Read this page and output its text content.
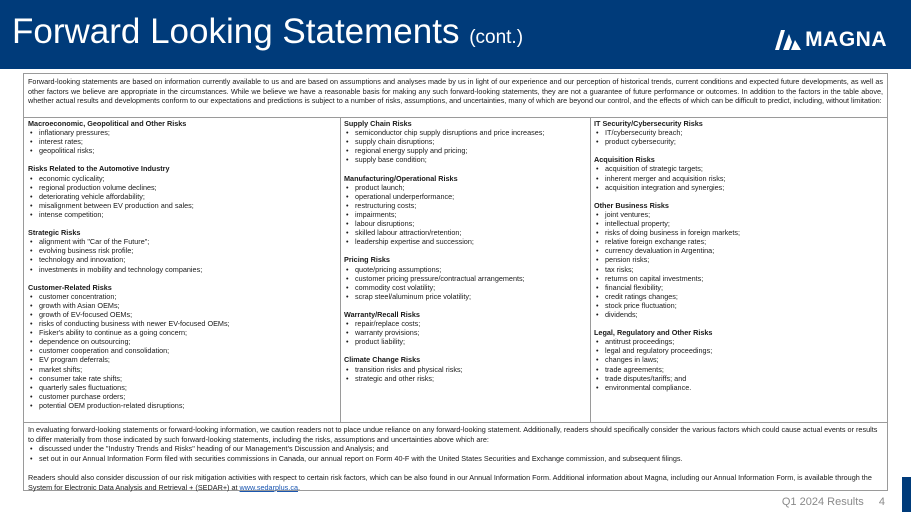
Forward Looking Statements (cont.)	MAGNA
Forward-looking statements are based on information currently available to us and are based on assumptions and analyses made by us in light of our experience and our perception of historical trends, current conditions and expected future developments, as well as other factors we believe are appropriate in the circumstances. While we believe we have a reasonable basis for making any such forward-looking statements, they are not a guarantee of future performance or outcomes. In addition to the factors in the table above, whether actual results and developments conform to our expectations and predictions is subject to a number of risks, assumptions, and uncertainties, many of which are beyond our control, and the effects of which can be difficult to predict, including, without limitation:
Macroeconomic, Geopolitical and Other Risks
• inflationary pressures;
• interest rates;
• geopolitical risks;
Risks Related to the Automotive Industry
• economic cyclicality;
• regional production volume declines;
• deteriorating vehicle affordability;
• misalignment between EV production and sales;
• intense competition;
Strategic Risks
• alignment with "Car of the Future";
• evolving business risk profile;
• technology and innovation;
• investments in mobility and technology companies;
Customer-Related Risks
• customer concentration;
• growth with Asian OEMs;
• growth of EV-focused OEMs;
• risks of conducting business with newer EV-focused OEMs;
• Fisker's ability to continue as a going concern;
• dependence on outsourcing;
• customer cooperation and consolidation;
• EV program deferrals;
• market shifts;
• consumer take rate shifts;
• quarterly sales fluctuations;
• customer purchase orders;
• potential OEM production-related disruptions;
Supply Chain Risks
• semiconductor chip supply disruptions and price increases;
• supply chain disruptions;
• regional energy supply and pricing;
• supply base condition;
Manufacturing/Operational Risks
• product launch;
• operational underperformance;
• restructuring costs;
• impairments;
• labour disruptions;
• skilled labour attraction/retention;
• leadership expertise and succession;
Pricing Risks
• quote/pricing assumptions;
• customer pricing pressure/contractual arrangements;
• commodity cost volatility;
• scrap steel/aluminum price volatility;
Warranty/Recall Risks
• repair/replace costs;
• warranty provisions;
• product liability;
Climate Change Risks
• transition risks and physical risks;
• strategic and other risks;
IT Security/Cybersecurity Risks
• IT/cybersecurity breach;
• product cybersecurity;
Acquisition Risks
• acquisition of strategic targets;
• inherent merger and acquisition risks;
• acquisition integration and synergies;
Other Business Risks
• joint ventures;
• intellectual property;
• risks of doing business in foreign markets;
• relative foreign exchange rates;
• currency devaluation in Argentina;
• pension risks;
• tax risks;
• returns on capital investments;
• financial flexibility;
• credit ratings changes;
• stock price fluctuation;
• dividends;
Legal, Regulatory and Other Risks
• antitrust proceedings;
• legal and regulatory proceedings;
• changes in laws;
• trade agreements;
• trade disputes/tariffs; and
• environmental compliance.

In evaluating forward-looking statements or forward-looking information, we caution readers not to place undue reliance on any forward-looking statement. Additionally, readers should specifically consider the various factors which could cause actual events or results to differ materially from those indicated by such forward-looking statements, including the risks, assumptions and uncertainties above which are:

• discussed under the "Industry Trends and Risks" heading of our Management's Discussion and Analysis; and
• set out in our Annual Information Form filed with securities commissions in Canada, our annual report on Form 40-F with the United States Securities and Exchange commission, and subsequent filings.

Readers should also consider discussion of our risk mitigation activities with respect to certain risk factors, which can be also found in our Annual Information Form. Additional information about Magna, including our Annual Information Form, is available through the System for Electronic Data Analysis and Retrieval + (SEDAR+) at www.sedarplus.ca.

Q1 2024 Results 4
